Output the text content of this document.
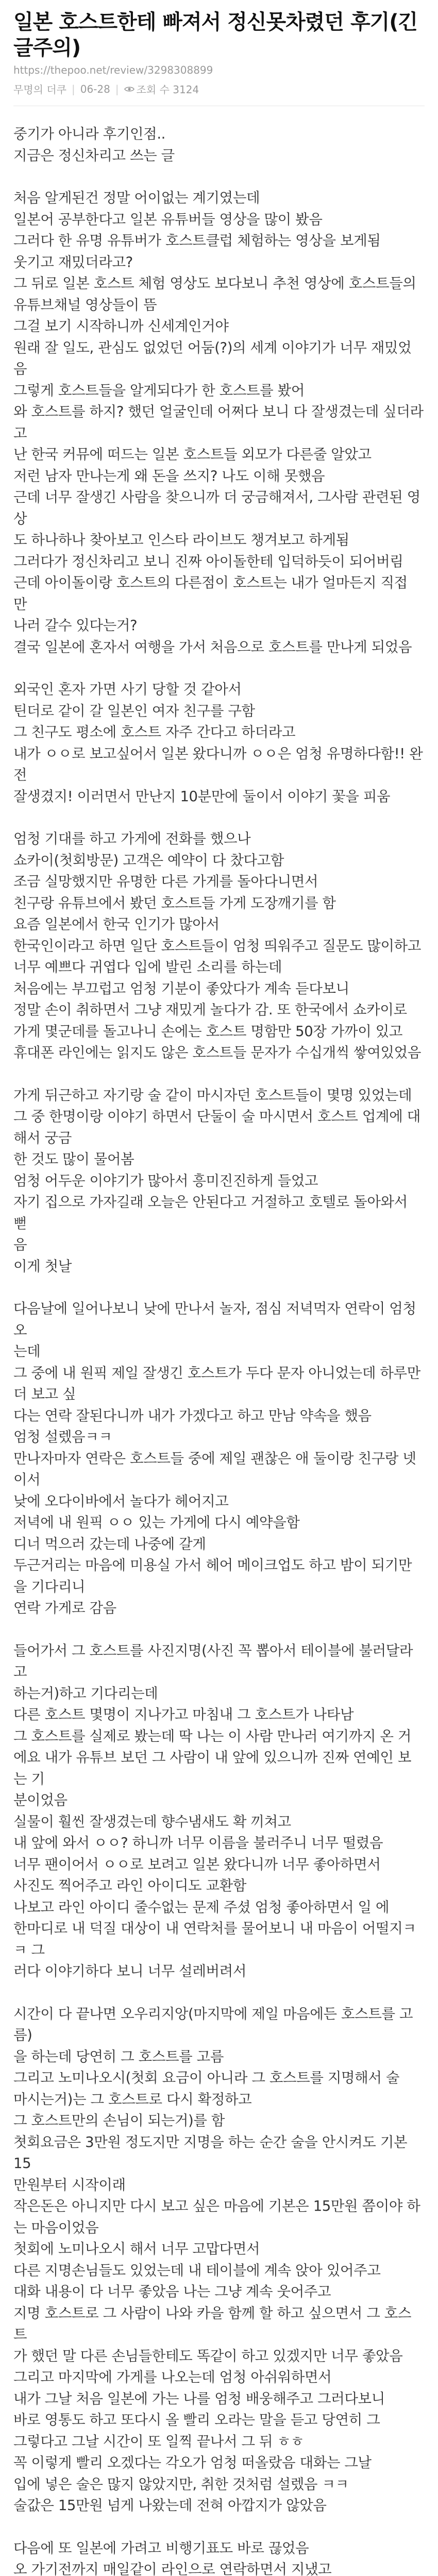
일본 호스트한테 빠져서 정신못차렸던 후기(긴글주의)
https://thepoo.net/review/3298308899
무명의 더쿠 | 06-28 | 조회 수 3124

중기가 아니라 후기인점..
지금은 정신차리고 쓰는 글

처음 알게된건 정말 어이없는 계기였는데
일본어 공부한다고 일본 유튜버들 영상을 많이 봤음
그러다 한 유명 유튜버가 호스트클럽 체험하는 영상을 보게됨
웃기고 재밌더라고?
그 뒤로 일본 호스트 체험 영상도 보다보니 추천 영상에 호스트들의
유튜브채널 영상들이 뜸
그걸 보기 시작하니까 신세계인거야
원래 잘 일도, 관심도 없었던 어둠(?)의 세계 이야기가 너무 재밌었음
그렇게 호스트들을 알게되다가 한 호스트를 봤어
와 호스트를 하지? 했던 얼굴인데 어쩌다 보니 다 잘생겼는데 싶더라고
난 한국 커뮤에 떠드는 일본 호스트들 외모가 다른줄 알았고
저런 남자 만나는게 왜 돈을 쓰지? 나도 이해 못했음
근데 너무 잘생긴 사람을 찾으니까 더 궁금해져서, 그사람 관련된 영상
도 하나하나 찾아보고 인스타 라이브도 챙겨보고 하게됨
그러다가 정신차리고 보니 진짜 아이돌한테 입덕하듯이 되어버림
근데 아이돌이랑 호스트의 다른점이 호스트는 내가 얼마든지 직접 만
나러 갈수 있다는거?
결국 일본에 혼자서 여행을 가서 처음으로 호스트를 만나게 되었음

외국인 혼자 가면 사기 당할 것 같아서
틴더로 같이 갈 일본인 여자 친구를 구함
그 친구도 평소에 호스트 자주 간다고 하더라고
내가 ㅇㅇ로 보고싶어서 일본 왔다니까 ㅇㅇ은 엄청 유명하다함!! 완전
잘생겼지! 이러면서 만난지 10분만에 둘이서 이야기 꽃을 피움

엄청 기대를 하고 가게에 전화를 했으나
쇼카이(첫회방문) 고객은 예약이 다 찼다고함
조금 실망했지만 유명한 다른 가게를 돌아다니면서
친구랑 유튜브에서 봤던 호스트들 가게 도장깨기를 함
요즘 일본에서 한국 인기가 많아서
한국인이라고 하면 일단 호스트들이 엄청 띄워주고 질문도 많이하고
너무 예쁘다 귀엽다 입에 발린 소리를 하는데
처음에는 부끄럽고 엄청 기분이 좋았다가 계속 듣다보니
정말 손이 취하면서 그냥 재밌게 놀다가 감. 또 한국에서 쇼카이로
가게 몇군데를 돌고나니 손에는 호스트 명함만 50장 가까이 있고
휴대폰 라인에는 읽지도 않은 호스트들 문자가 수십개씩 쌓여있었음

가게 뒤근하고 자기랑 술 같이 마시자던 호스트들이 몇명 있었는데
그 중 한명이랑 이야기 하면서 단둘이 술 마시면서 호스트 업계에 대해서 궁금
한 것도 많이 물어봄
엄청 어두운 이야기가 많아서 흥미진진하게 들었고
자기 집으로 가자길래 오늘은 안된다고 거절하고 호텔로 돌아와서 뻗
음
이게 첫날

다음날에 일어나보니 낮에 만나서 놀자, 점심 저녁먹자 연락이 엄청 오
는데
그 중에 내 원픽 제일 잘생긴 호스트가 두다 문자 아니었는데 하루만 더 보고 싶
다는 연락 잘된다니까 내가 가겠다고 하고 만남 약속을 했음
엄청 설렜음ㅋㅋ
만나자마자 연락은 호스트들 중에 제일 괜찮은 애 둘이랑 친구랑 넷이서
낮에 오다이바에서 놀다가 헤어지고
저녁에 내 원픽 ㅇㅇ 있는 가게에 다시 예약을함
디너 먹으러 갔는데 나중에 갈게
두근거리는 마음에 미용실 가서 헤어 메이크업도 하고 밤이 되기만을 기다리니
연락 가게로 감음

들어가서 그 호스트를 사진지명(사진 꼭 뽑아서 테이블에 불러달라고
하는거)하고 기다리는데
다른 호스트 몇명이 지나가고 마침내 그 호스트가 나타남
그 호스트를 실제로 봤는데 딱 나는 이 사람 만나러 여기까지 온 거
에요 내가 유튜브 보던 그 사람이 내 앞에 있으니까 진짜 연예인 보는 기
분이었음
실물이 훨씬 잘생겼는데 향수냄새도 확 끼쳐고
내 앞에 와서 ㅇㅇ? 하니까 너무 이름을 불러주니 너무 떨렸음
너무 팬이어서 ㅇㅇ로 보려고 일본 왔다니까 너무 좋아하면서
사진도 찍어주고 라인 아이디도 교환함
나보고 라인 아이디 줄수없는 문제 주셨 엄청 좋아하면서 일 에
한마디로 내 덕질 대상이 내 연락처를 물어보니 내 마음이 어떨지ㅋㅋ 그
러다 이야기하다 보니 너무 설레버려서

시간이 다 끝나면 오우리지앙(마지막에 제일 마음에든 호스트를 고름)
을 하는데 당연히 그 호스트를 고름
그리고 노미나오시(첫회 요금이 아니라 그 호스트를 지명해서 술
마시는거)는 그 호스트로 다시 확정하고
그 호스트만의 손님이 되는거)를 함
쳣회요금은 3만원 정도지만 지명을 하는 순간 술을 안시켜도 기본 15
만원부터 시작이래
작은돈은 아니지만 다시 보고 싶은 마음에 기본은 15만원 쯤이야 하
는 마음이었음
첫회에 노미나오시 해서 너무 고맙다면서
다른 지명손님들도 있었는데 내 테이블에 계속 앉아 있어주고
대화 내용이 다 너무 좋았음 나는 그냥 계속 웃어주고
지명 호스트로 그 사람이 나와 카을 함께 할 하고 싶으면서 그 호스트
가 했던 말 다른 손님들한테도 똑같이 하고 있겠지만 너무 좋았음
그리고 마지막에 가게를 나오는데 엄청 아쉬워하면서
내가 그날 처음 일본에 가는 나를 엄청 배웅해주고 그러다보니
바로 영통도 하고 또다시 올 빨리 오라는 말을 듣고 당연히 그
그렇다고 그날 시간이 또 일찍 끝나서 그 뒤 ㅎㅎ
꼭 이렇게 빨리 오겠다는 각오가 엄청 떠올랐음 대화는 그날
입에 넣은 술은 많지 않았지만, 취한 것처럼 설렜음 ㅋㅋ
술값은 15만원 넘게 나왔는데 전혀 아깝지가 않았음

다음에 또 일본에 가려고 비행기표도 바로 끊었음
오 가기전까지 매일같이 라인으로 연락하면서 지냈고
